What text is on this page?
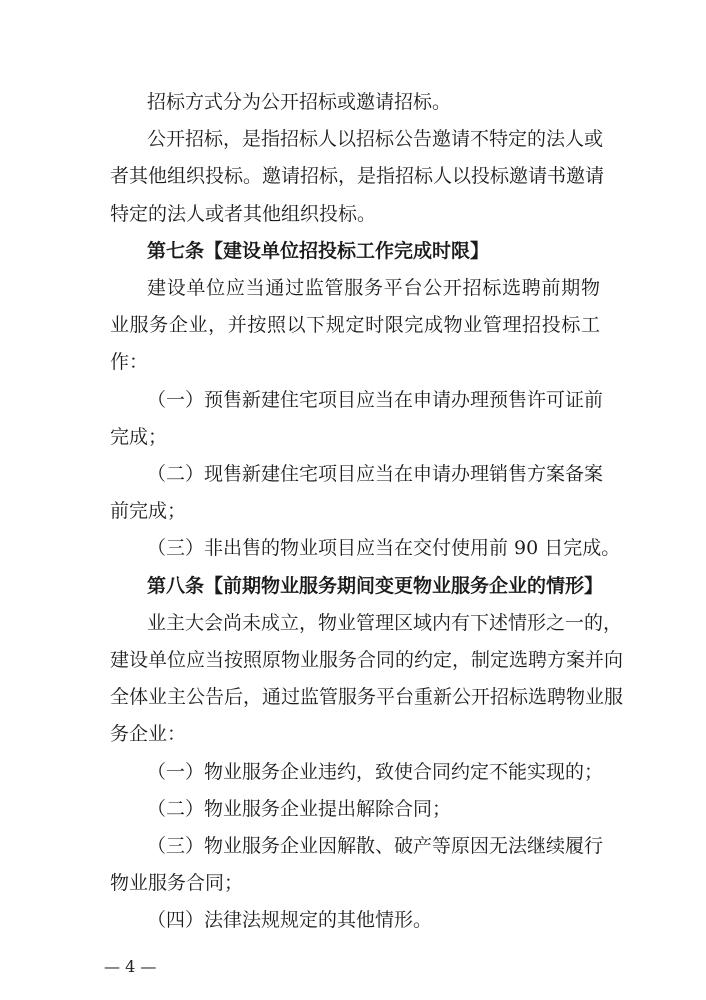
招标方式分为公开招标或邀请招标。
公开招标，是指招标人以招标公告邀请不特定的法人或
者其他组织投标。邀请招标，是指招标人以投标邀请书邀请
特定的法人或者其他组织投标。
第七条【建设单位招投标工作完成时限】
建设单位应当通过监管服务平台公开招标选聘前期物
业服务企业，并按照以下规定时限完成物业管理招投标工
作：
（一）预售新建住宅项目应当在申请办理预售许可证前
完成；
（二）现售新建住宅项目应当在申请办理销售方案备案
前完成；
（三）非出售的物业项目应当在交付使用前 90 日完成。
第八条【前期物业服务期间变更物业服务企业的情形】
业主大会尚未成立，物业管理区域内有下述情形之一的，
建设单位应当按照原物业服务合同的约定，制定选聘方案并向
全体业主公告后，通过监管服务平台重新公开招标选聘物业服
务企业：
（一）物业服务企业违约，致使合同约定不能实现的；
（二）物业服务企业提出解除合同；
（三）物业服务企业因解散、破产等原因无法继续履行
物业服务合同；
（四）法律法规规定的其他情形。
— 4 —
